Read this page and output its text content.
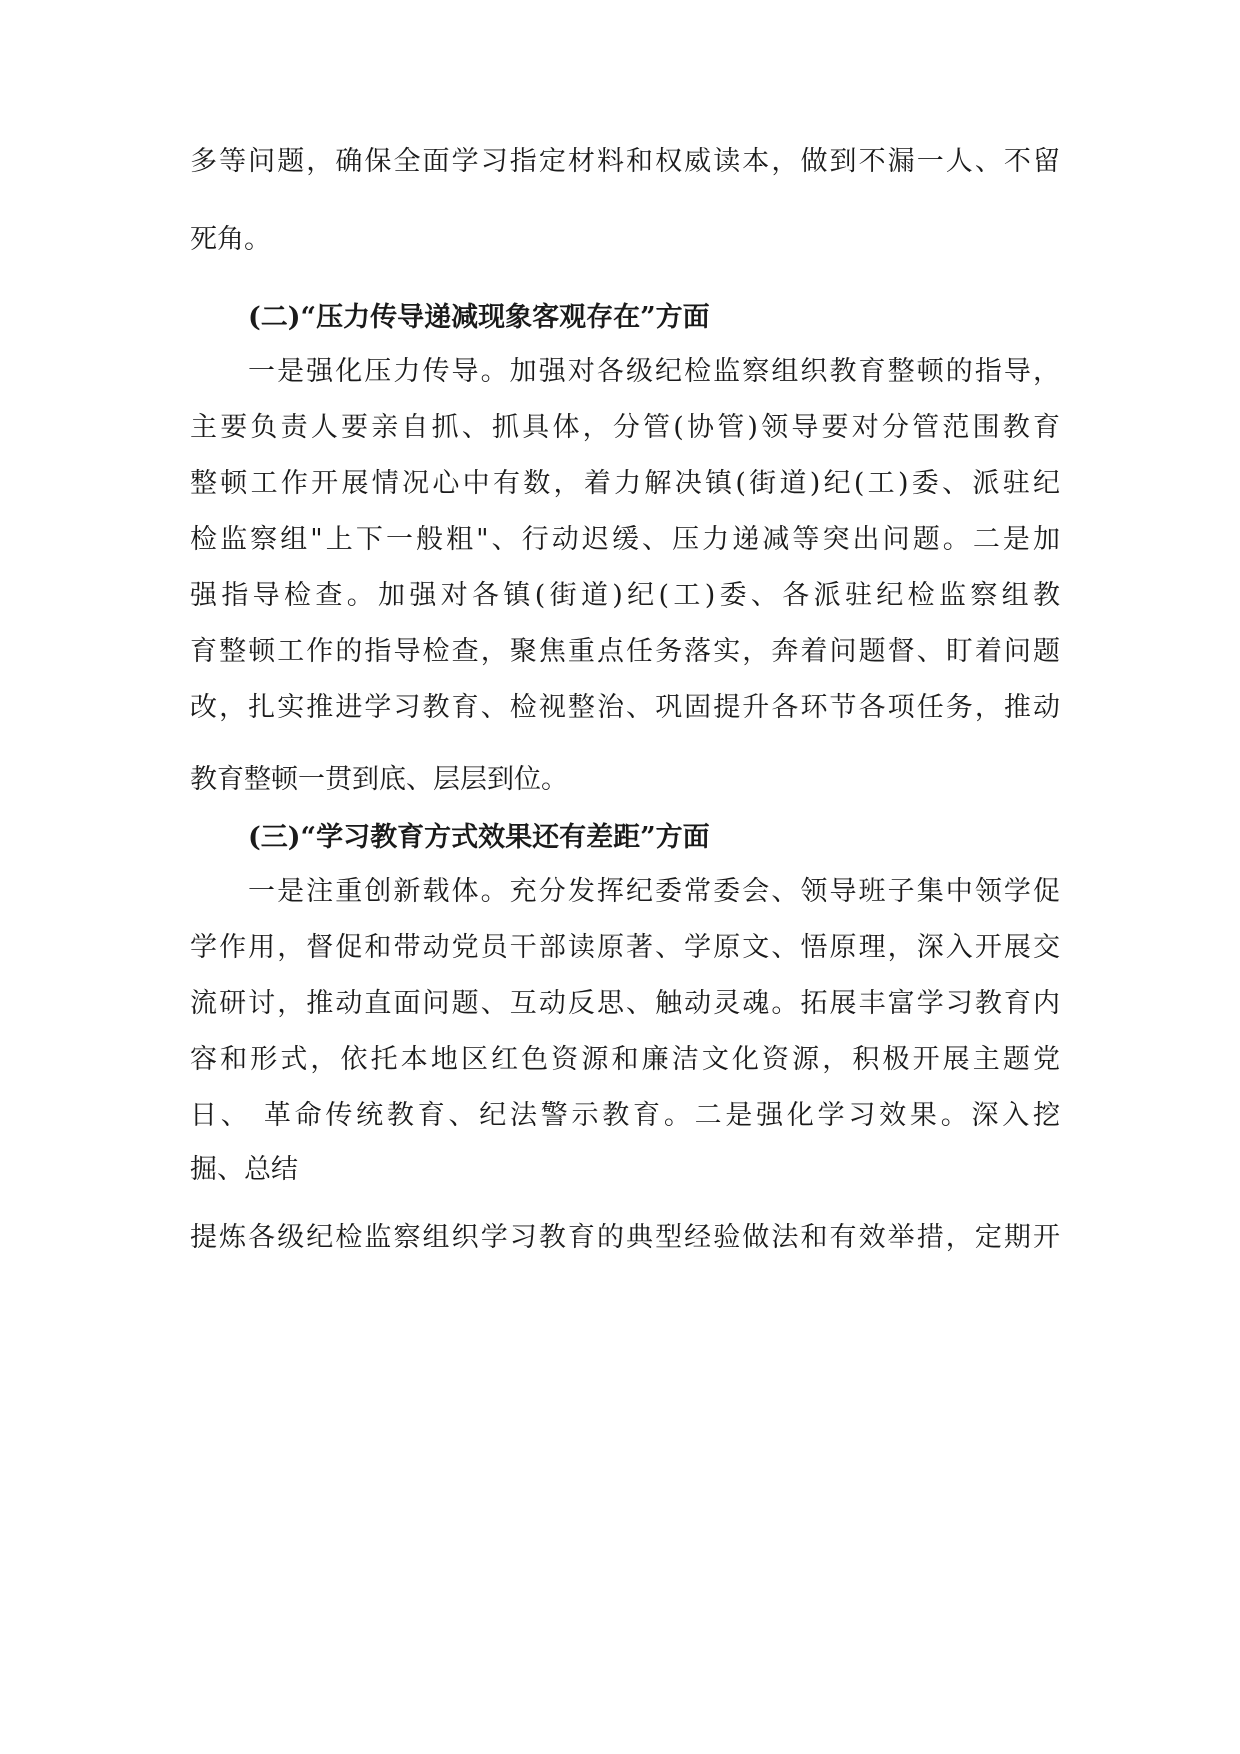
多等问题，确保全面学习指定材料和权威读本，做到不漏一人、不留
死角。
(二)“压力传导递减现象客观存在”方面
一是强化压力传导。加强对各级纪检监察组织教育整顿的指导，
主要负责人要亲自抓、抓具体，分管(协管)领导要对分管范围教育
整顿工作开展情况心中有数，着力解决镇(街道)纪(工)委、派驻纪
检监察组"上下一般粗"、行动迟缓、压力递减等突出问题。二是加
强指导检查。加强对各镇(街道)纪(工)委、各派驻纪检监察组教
育整顿工作的指导检查，聚焦重点任务落实，奔着问题督、盯着问题
改，扎实推进学习教育、检视整治、巩固提升各环节各项任务，推动
教育整顿一贯到底、层层到位。
(三)“学习教育方式效果还有差距”方面
一是注重创新载体。充分发挥纪委常委会、领导班子集中领学促
学作用，督促和带动党员干部读原著、学原文、悟原理，深入开展交
流研讨，推动直面问题、互动反思、触动灵魂。拓展丰富学习教育内
容和形式，依托本地区红色资源和廉洁文化资源，积极开展主题党
日、 革命传统教育、纪法警示教育。二是强化学习效果。深入挖
掘、总结
提炼各级纪检监察组织学习教育的典型经验做法和有效举措，定期开
